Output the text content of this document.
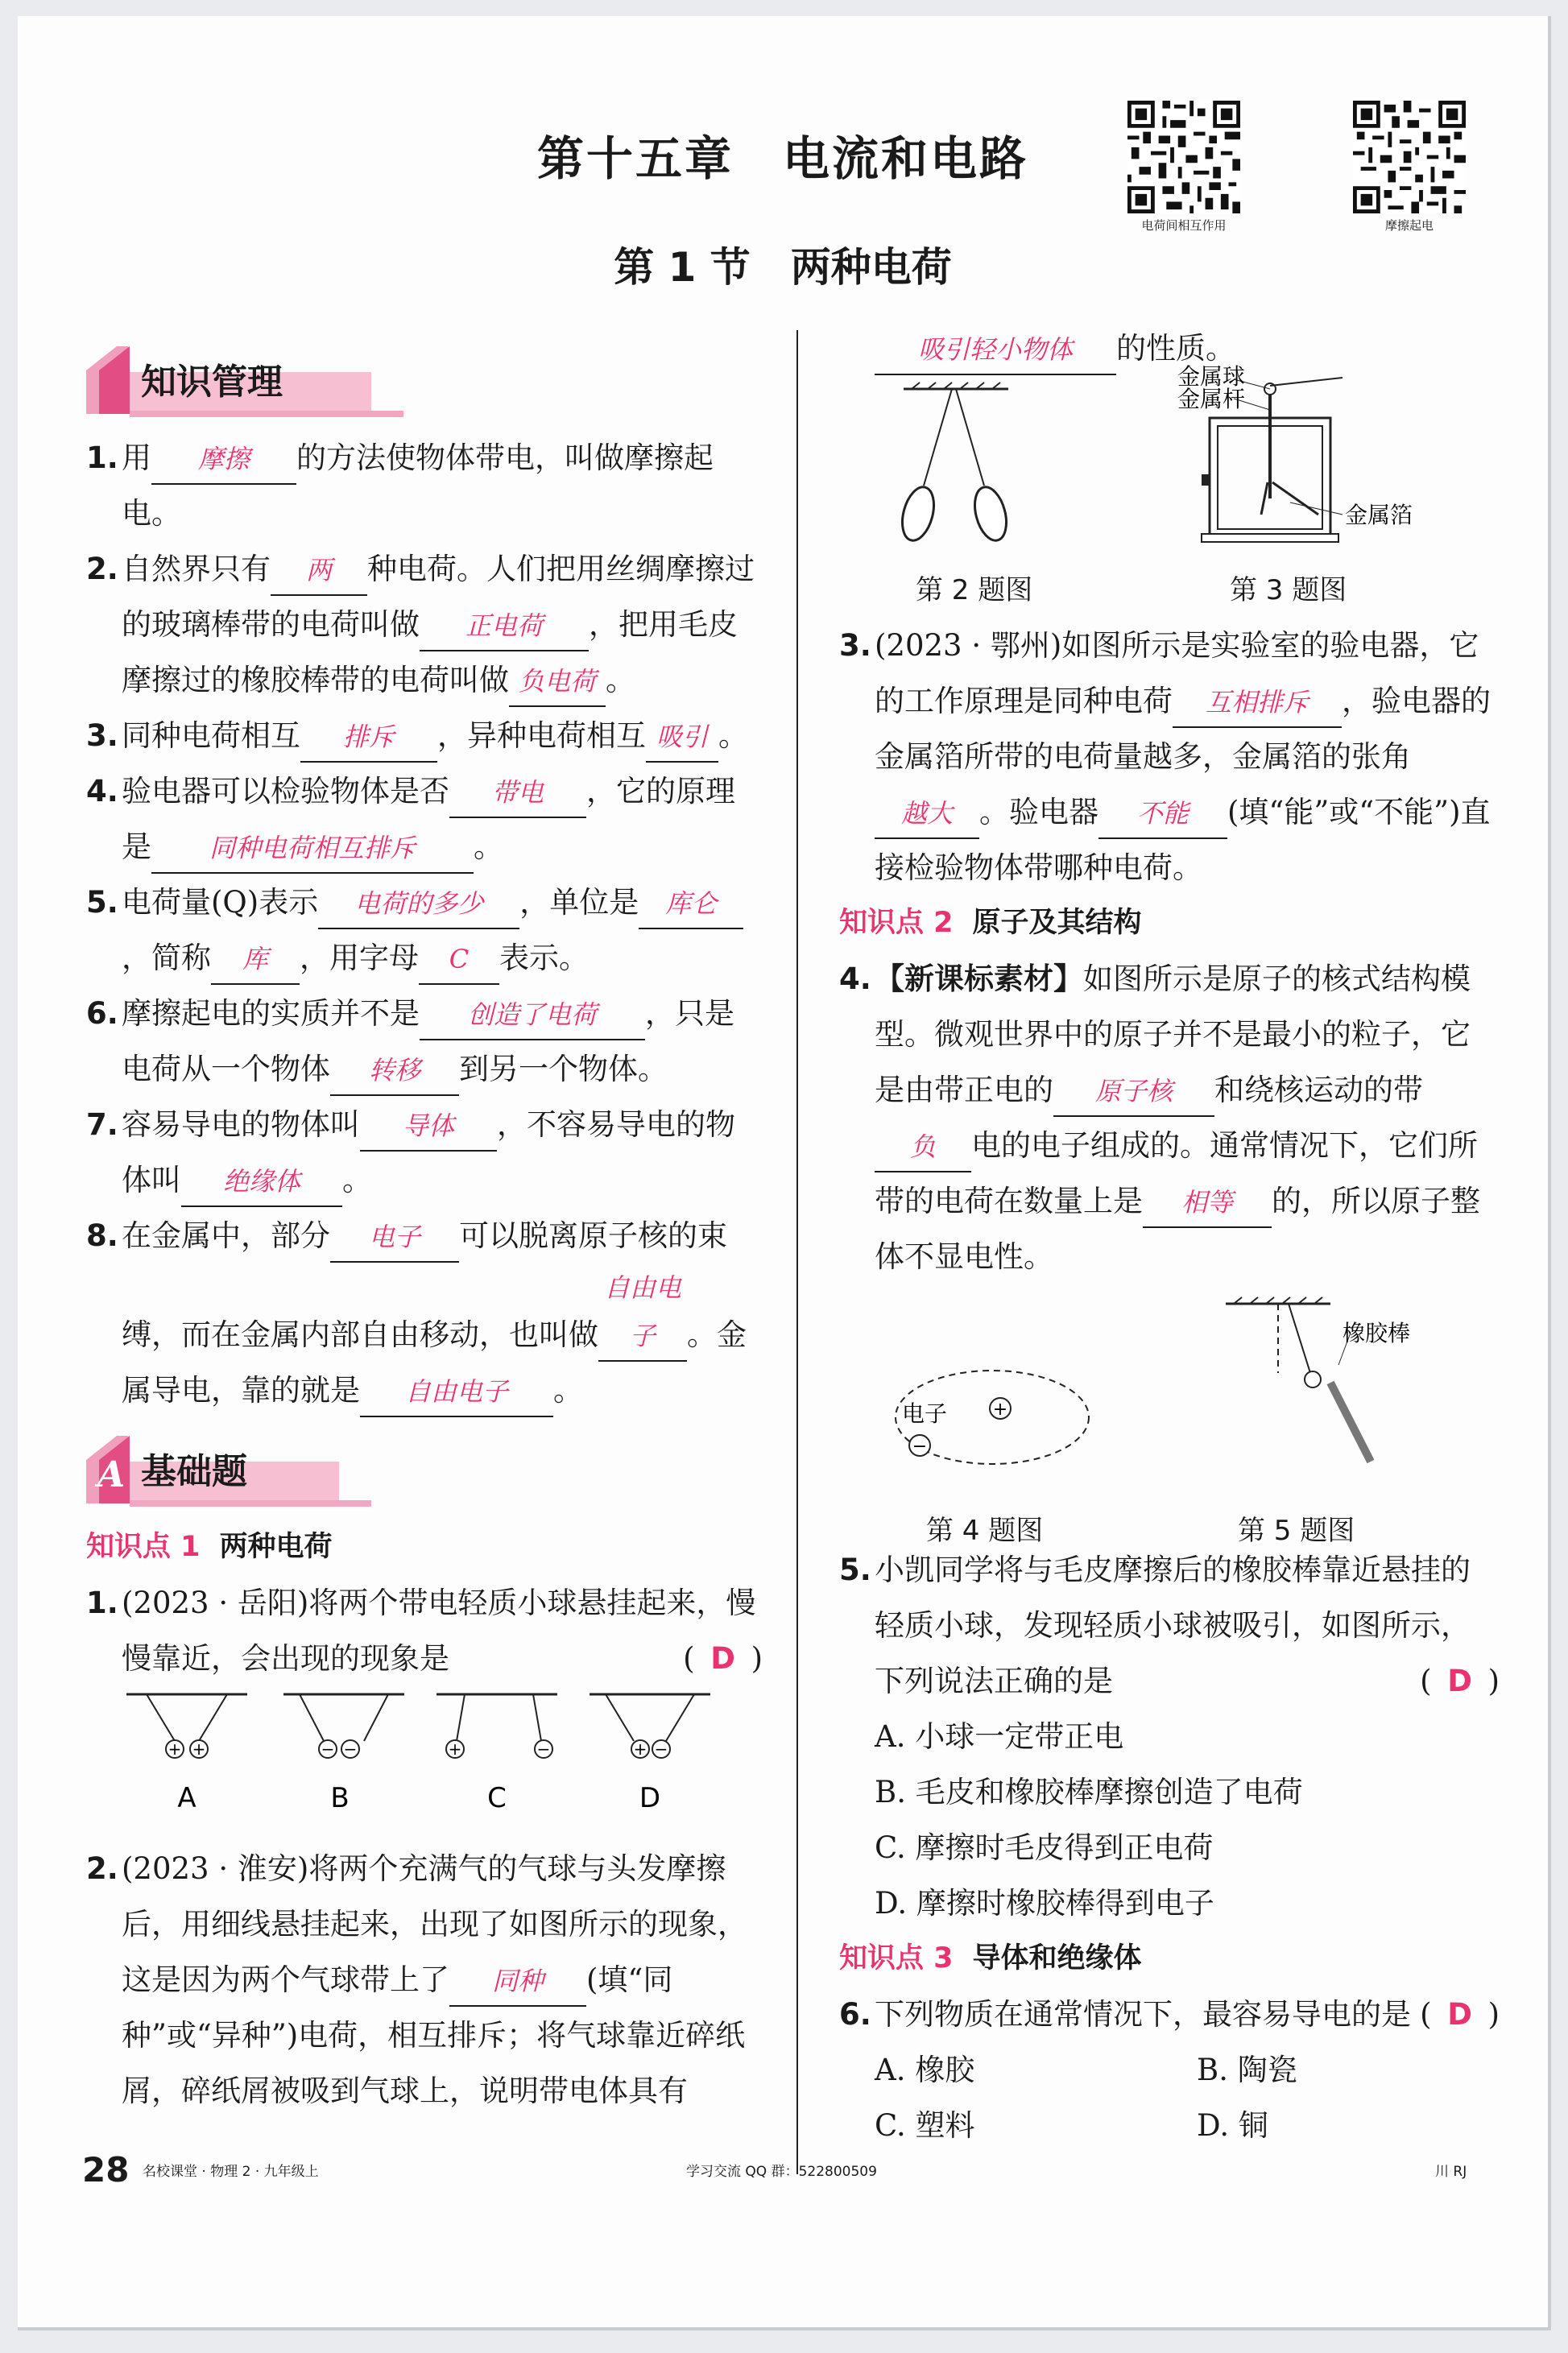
第十五章　电流和电路
第 1 节　两种电荷
电荷间相互作用	摩擦起电
知识管理
1. 用 摩擦 的方法使物体带电，叫做摩擦起电。
2. 自然界只有 两 种电荷。人们把用丝绸摩擦过的玻璃棒带的电荷叫做 正电荷 ，把用毛皮摩擦过的橡胶棒带的电荷叫做 负电荷 。
3. 同种电荷相互 排斥 ，异种电荷相互 吸引 。
4. 验电器可以检验物体是否 带电 ，它的原理是 同种电荷相互排斥 。
5. 电荷量(Q)表示 电荷的多少 ，单位是 库仑，简称 库 ，用字母 C 表示。
6. 摩擦起电的实质并不是 创造了电荷 ，只是电荷从一个物体 转移 到另一个物体。
7. 容易导电的物体叫 导体 ，不容易导电的物体叫 绝缘体 。
8. 在金属中，部分 电子 可以脱离原子核的束缚，而在金属内部自由移动，也叫做自由电子 。金属导电，靠的就是 自由电子 。
A 基础题
知识点 1 两种电荷
1. (2023 · 岳阳)将两个带电轻质小球悬挂起来，慢慢靠近，会出现的现象是	( D )
+ +
A
− −
B
+	−
C
+ −
D
2. (2023 · 淮安)将两个充满气的气球与头发摩擦后，用细线悬挂起来，出现了如图所示的现象，这是因为两个气球带上了 同种 (填“同种”或“异种”)电荷，相互排斥；将气球靠近碎纸屑，碎纸屑被吸到气球上，说明带电体具有
吸引轻小物体 的性质。
第 2 题图
金属球
金属杆
金属箔
第 3 题图
3. (2023 · 鄂州)如图所示是实验室的验电器，它的工作原理是同种电荷 互相排斥 ，验电器的金属箔所带的电荷量越多，金属箔的张角越大 。验电器 不能 (填“能”或“不能”)直接检验物体带哪种电荷。
知识点 2 原子及其结构
4. 【新课标素材】如图所示是原子的核式结构模型。微观世界中的原子并不是最小的粒子，它是由带正电的 原子核 和绕核运动的带负 电的电子组成的。通常情况下，它们所带的电荷在数量上是 相等 的，所以原子整体不显电性。
+
−
电子
第 4 题图
橡胶棒
第 5 题图
5. 小凯同学将与毛皮摩擦后的橡胶棒靠近悬挂的轻质小球，发现轻质小球被吸引，如图所示，下列说法正确的是	( D )
A. 小球一定带正电
B. 毛皮和橡胶棒摩擦创造了电荷
C. 摩擦时毛皮得到正电荷
D. 摩擦时橡胶棒得到电子
知识点 3 导体和绝缘体
6. 下列物质在通常情况下，最容易导电的是 ( D )
A. 橡胶	B. 陶瓷
C. 塑料	D. 铜
28 名校课堂 · 物理 2 · 九年级上	学习交流 QQ 群：522800509	川 RJ
